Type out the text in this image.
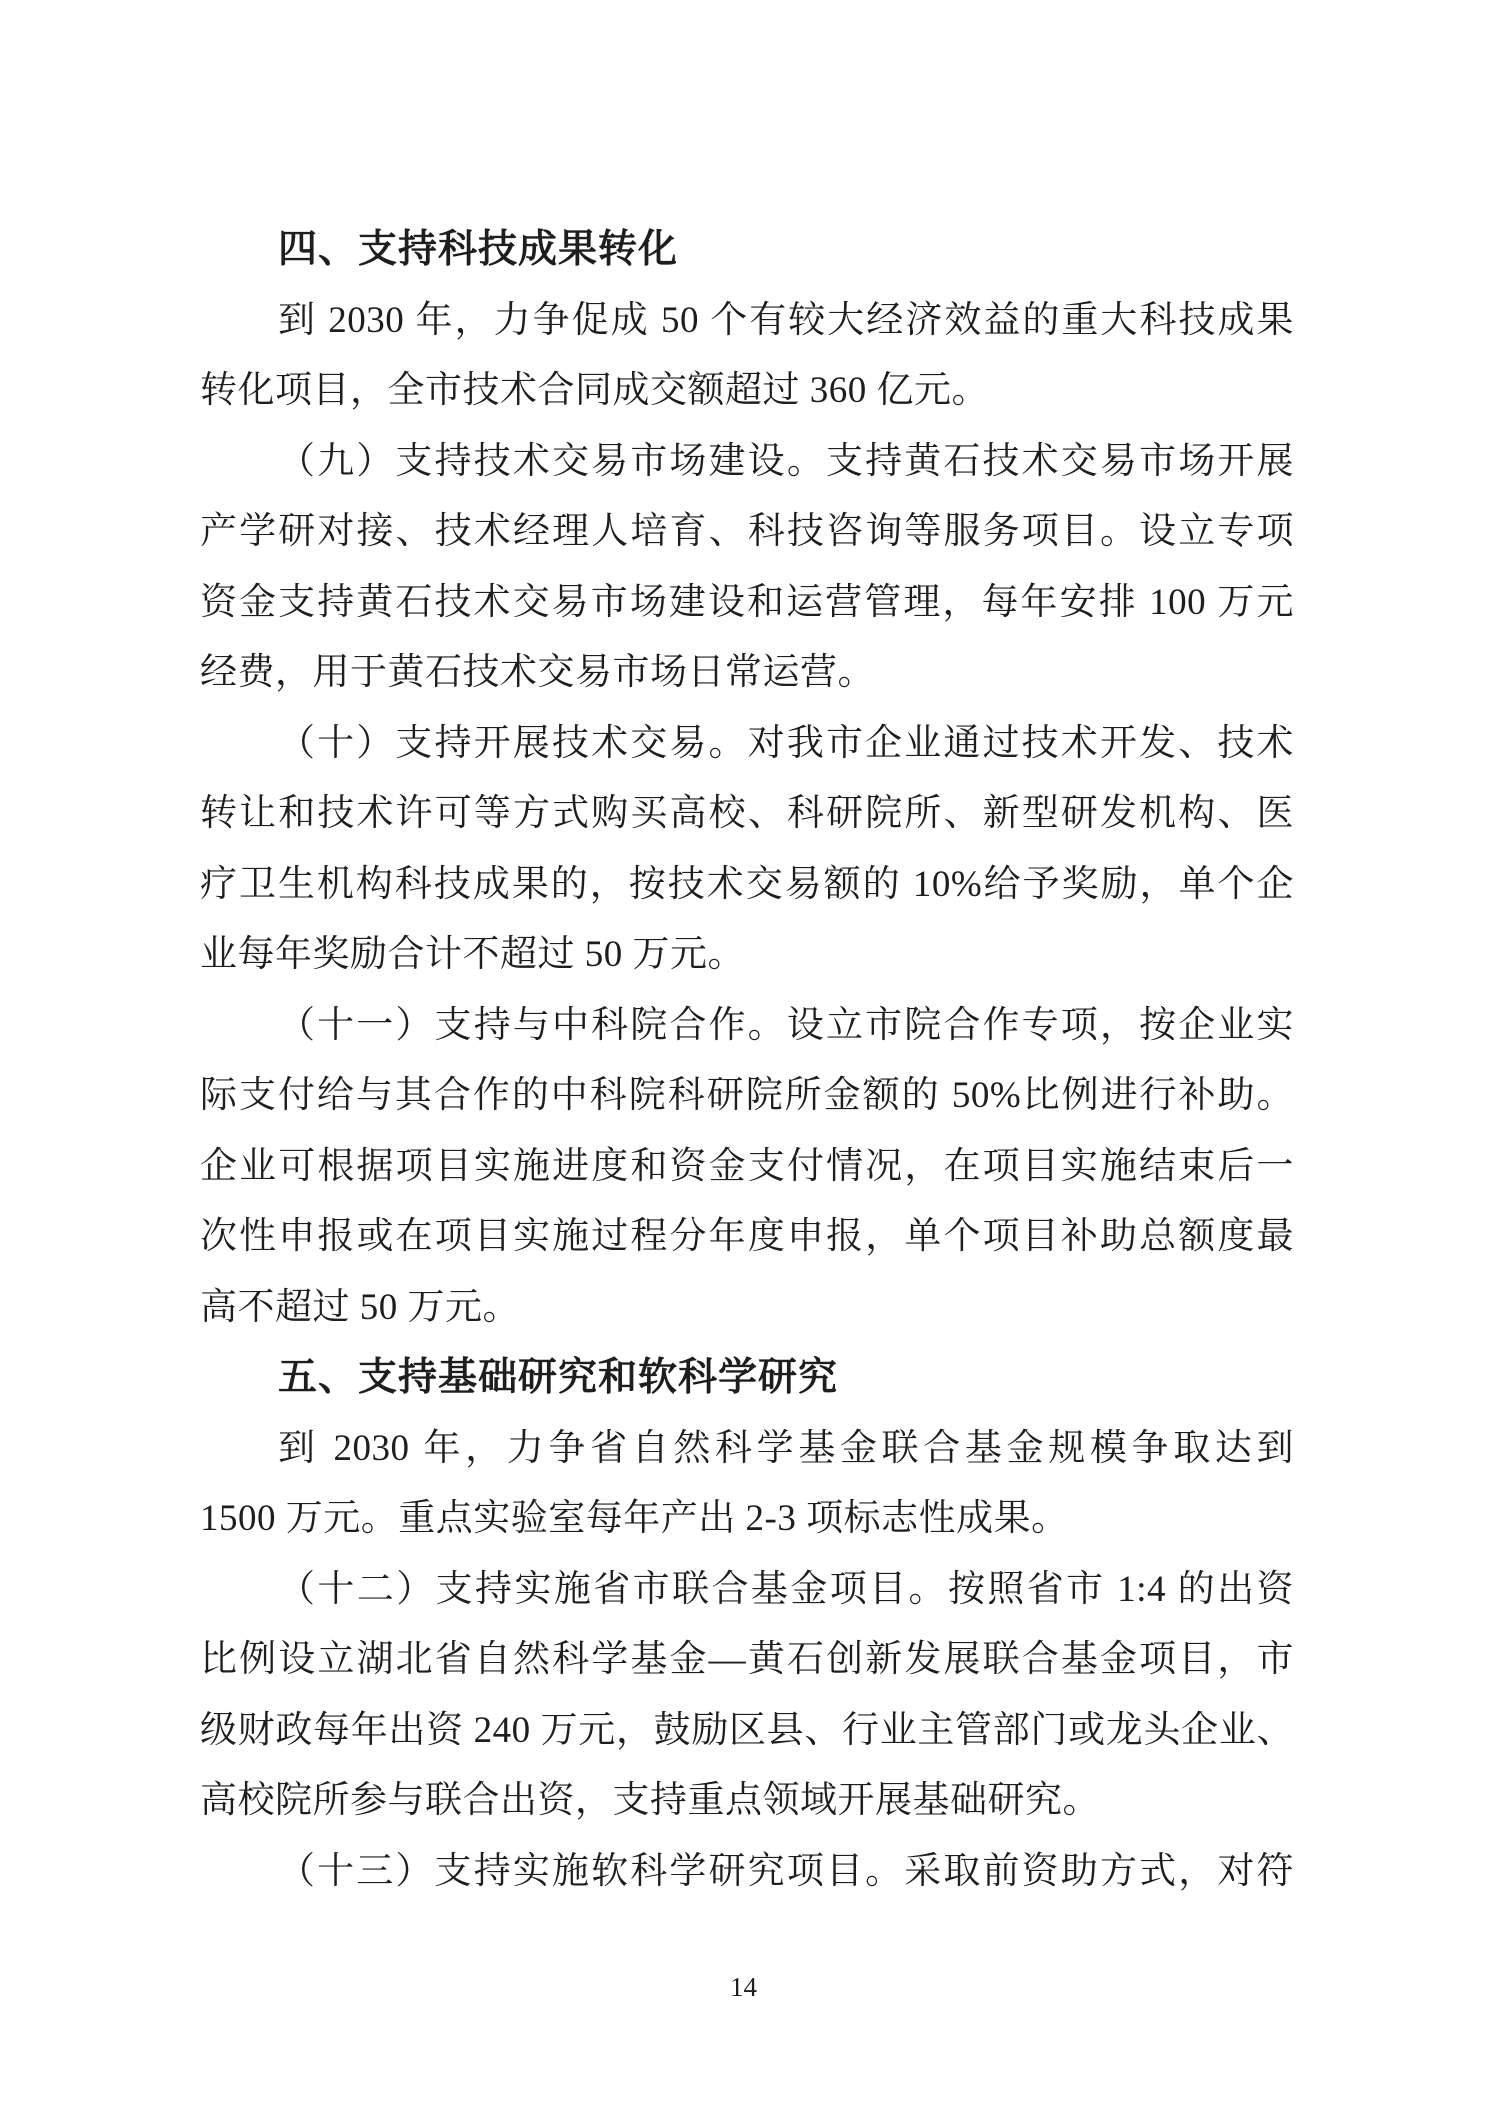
四、支持科技成果转化
到 2030 年，力争促成 50 个有较大经济效益的重大科技成果
转化项目，全市技术合同成交额超过 360 亿元。
（九）支持技术交易市场建设。支持黄石技术交易市场开展
产学研对接、技术经理人培育、科技咨询等服务项目。设立专项
资金支持黄石技术交易市场建设和运营管理，每年安排 100 万元
经费，用于黄石技术交易市场日常运营。
（十）支持开展技术交易。对我市企业通过技术开发、技术
转让和技术许可等方式购买高校、科研院所、新型研发机构、医
疗卫生机构科技成果的，按技术交易额的 10%给予奖励，单个企
业每年奖励合计不超过 50 万元。
（十一）支持与中科院合作。设立市院合作专项，按企业实
际支付给与其合作的中科院科研院所金额的 50%比例进行补助。
企业可根据项目实施进度和资金支付情况，在项目实施结束后一
次性申报或在项目实施过程分年度申报，单个项目补助总额度最
高不超过 50 万元。
五、支持基础研究和软科学研究
到 2030 年，力争省自然科学基金联合基金规模争取达到
1500 万元。重点实验室每年产出 2-3 项标志性成果。
（十二）支持实施省市联合基金项目。按照省市 1:4 的出资
比例设立湖北省自然科学基金—黄石创新发展联合基金项目，市
级财政每年出资 240 万元，鼓励区县、行业主管部门或龙头企业、
高校院所参与联合出资，支持重点领域开展基础研究。
（十三）支持实施软科学研究项目。采取前资助方式，对符
14
